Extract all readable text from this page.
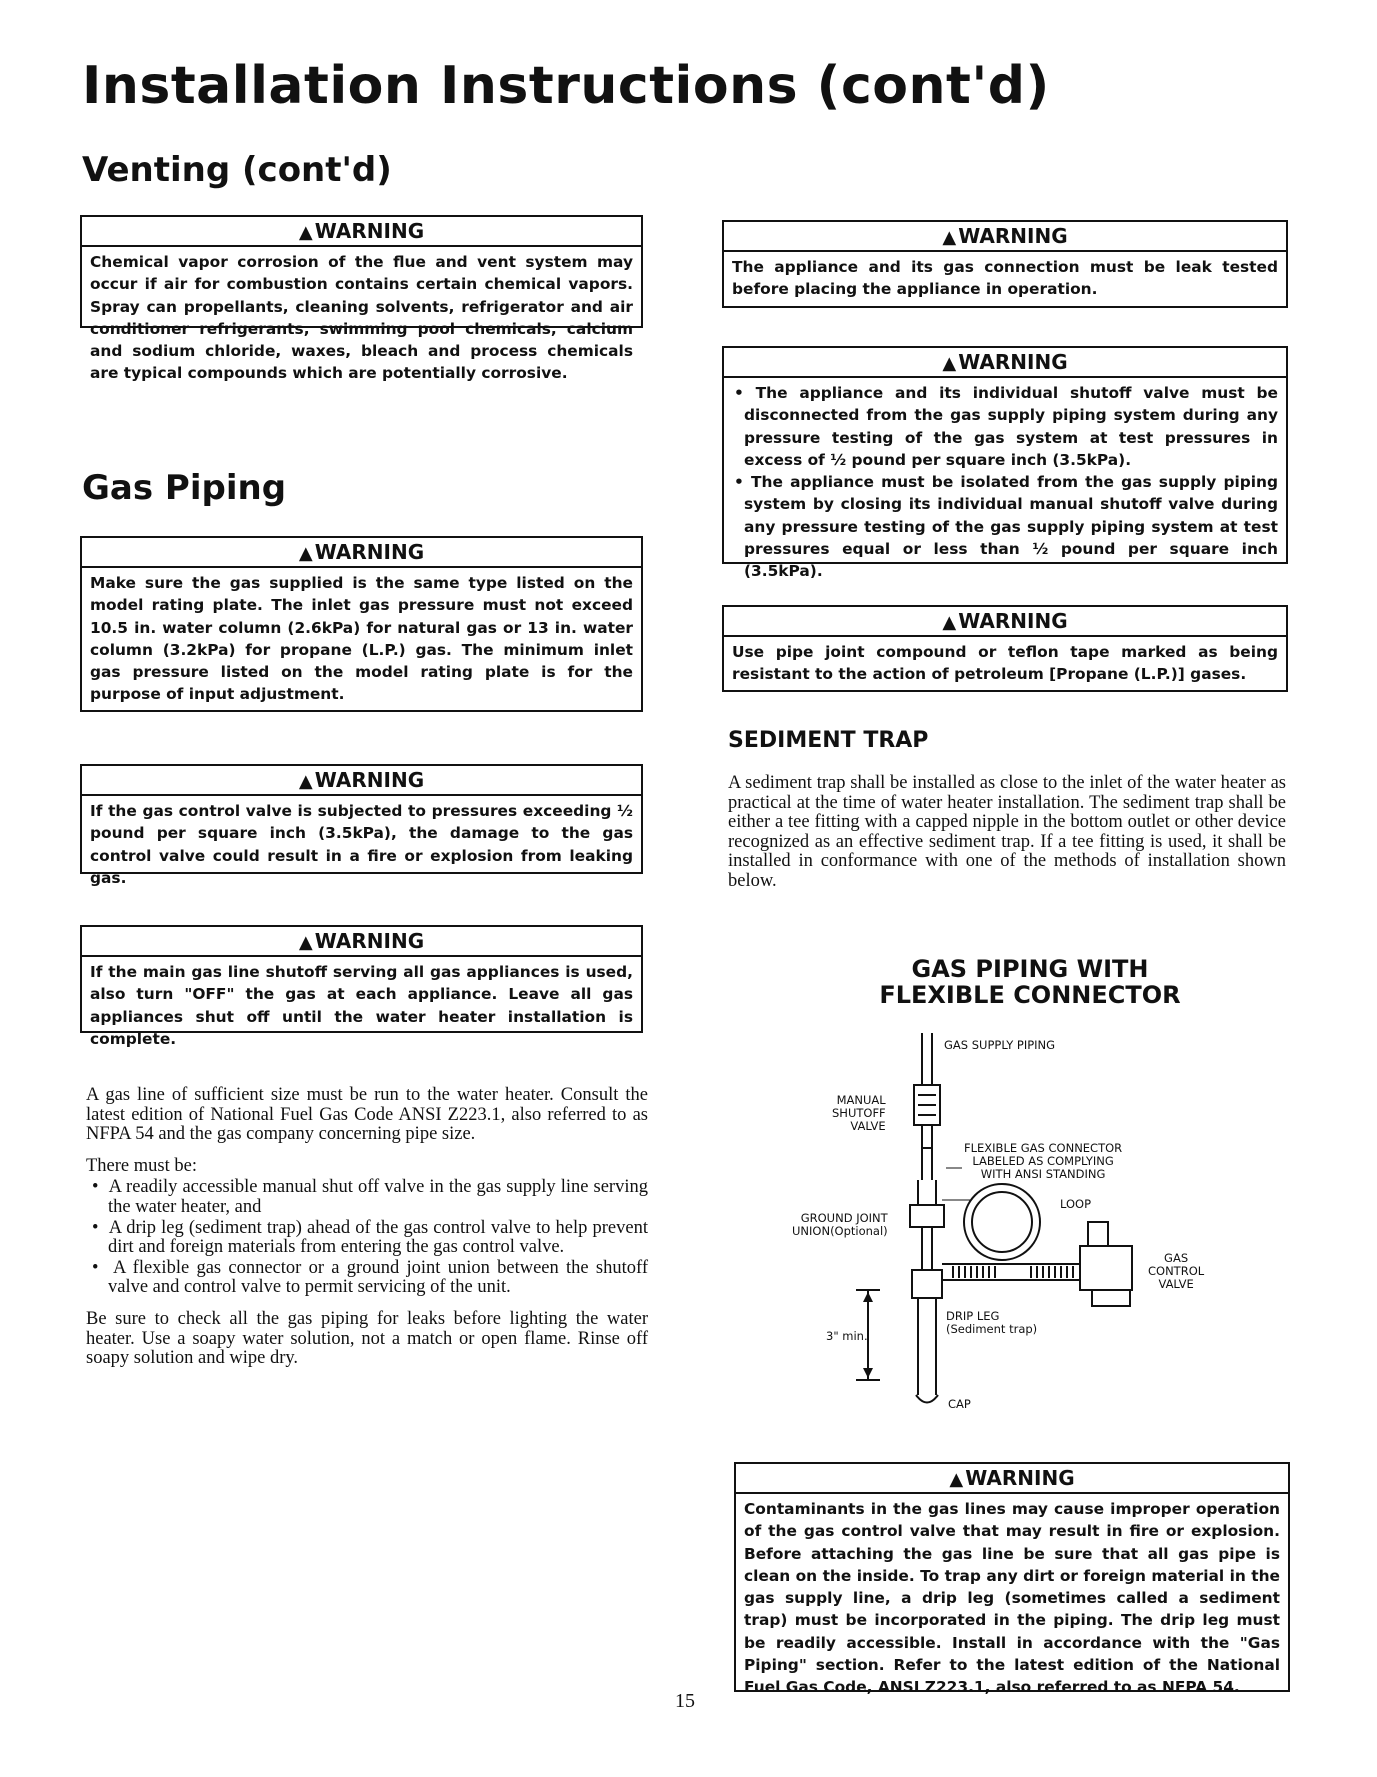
Installation Instructions (cont'd)
Venting (cont'd)
▲ WARNING
Chemical vapor corrosion of the flue and vent system may occur if air for combustion contains certain chemical vapors. Spray can propellants, cleaning solvents, refrigerator and air conditioner refrigerants, swimming pool chemicals, calcium and sodium chloride, waxes, bleach and process chemicals are typical compounds which are potentially corrosive.
Gas Piping
▲ WARNING
Make sure the gas supplied is the same type listed on the model rating plate. The inlet gas pressure must not exceed 10.5 in. water column (2.6kPa) for natural gas or 13 in. water column (3.2kPa) for propane (L.P.) gas. The minimum inlet gas pressure listed on the model rating plate is for the purpose of input adjustment.
▲ WARNING
If the gas control valve is subjected to pressures exceeding ½ pound per square inch (3.5kPa), the damage to the gas control valve could result in a fire or explosion from leaking gas.
▲ WARNING
If the main gas line shutoff serving all gas appliances is used, also turn "OFF" the gas at each appliance. Leave all gas appliances shut off until the water heater installation is complete.
A gas line of sufficient size must be run to the water heater. Consult the latest edition of National Fuel Gas Code ANSI Z223.1, also referred to as NFPA 54 and the gas company concerning pipe size.
There must be:
•  A readily accessible manual shut off valve in the gas supply line serving the water heater, and
•  A drip leg (sediment trap) ahead of the gas control valve to help prevent dirt and foreign materials from entering the gas control valve.
•  A flexible gas connector or a ground joint union between the shutoff valve and control valve to permit servicing of the unit.
Be sure to check all the gas piping for leaks before lighting the water heater. Use a soapy water solution, not a match or open flame. Rinse off soapy solution and wipe dry.
▲ WARNING
The appliance and its gas connection must be leak tested before placing the appliance in operation.
▲ WARNING
• The appliance and its individual shutoff valve must be disconnected from the gas supply piping system during any pressure testing of the gas system at test pressures in excess of ½ pound per square inch (3.5kPa).
• The appliance must be isolated from the gas supply piping system by closing its individual manual shutoff valve during any pressure testing of the gas supply piping system at test pressures equal or less than ½ pound per square inch (3.5kPa).
▲ WARNING
Use pipe joint compound or teflon tape marked as being resistant to the action of petroleum [Propane (L.P.)] gases.
SEDIMENT TRAP
A sediment trap shall be installed as close to the inlet of the water heater as practical at the time of water heater installation. The sediment trap shall be either a tee fitting with a capped nipple in the bottom outlet or other device recognized as an effective sediment trap. If a tee fitting is used, it shall be installed in conformance with one of the methods of installation shown below.
GAS PIPING WITH
FLEXIBLE CONNECTOR
GAS SUPPLY PIPING
MANUAL
SHUTOFF
VALVE
FLEXIBLE GAS CONNECTOR
LABELED AS COMPLYING
WITH ANSI STANDING
LOOP
GROUND JOINT
UNION(Optional)
GAS
CONTROL
VALVE
DRIP LEG
(Sediment trap)
3" min.
CAP
▲ WARNING
Contaminants in the gas lines may cause improper operation of the gas control valve that may result in fire or explosion. Before attaching the gas line be sure that all gas pipe is clean on the inside. To trap any dirt or foreign material in the gas supply line, a drip leg (sometimes called a sediment trap) must be incorporated in the piping. The drip leg must be readily accessible. Install in accordance with the "Gas Piping" section. Refer to the latest edition of the National Fuel Gas Code, ANSI Z223.1, also referred to as NFPA 54.
15
